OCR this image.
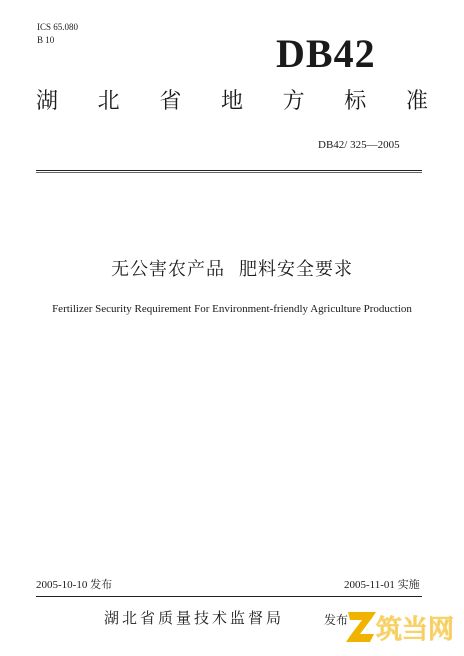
ICS 65.080
B 10	DB42
湖 北 省 地 方 标 准
DB42/ 325—2005
无公害农产品 肥料安全要求
Fertilizer Security Requirement For Environment-friendly Agriculture Production
2005-10-10 发布	2005-11-01 实施
湖北省质量技术监督局	发布 筑当网
